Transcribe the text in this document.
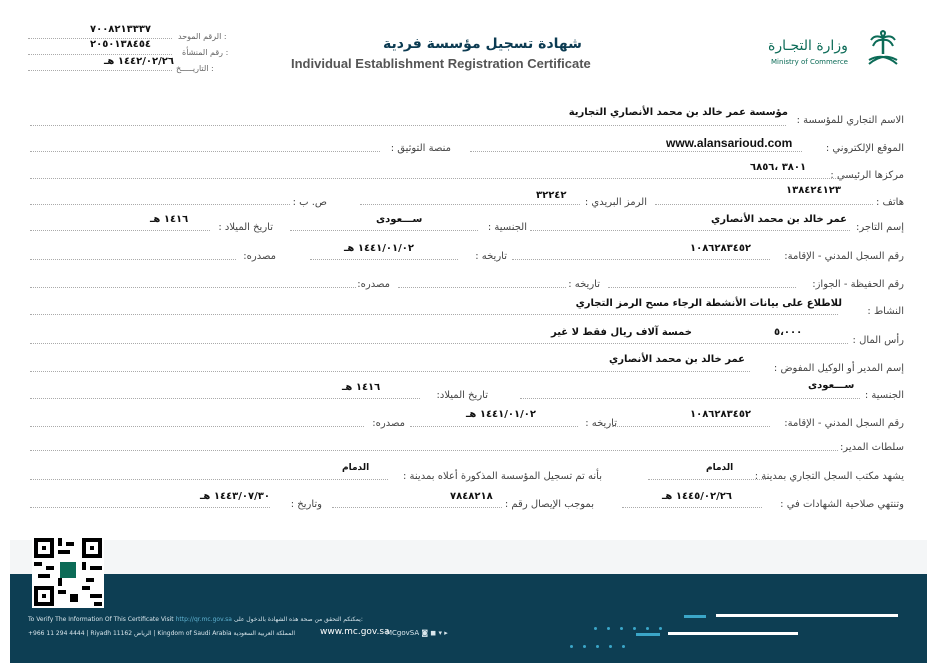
وزارة التجـارة
Ministry of Commerce
شهادة تسجيل مؤسسة فردية
Individual Establishment Registration Certificate
٧٠٠٨٢١٣٣٣٧
الرقم الموحد :
٢٠٥٠١٣٨٤٥٤
رقم المنشأة :
١٤٤٢/٠٢/٢٦ هـ
التاريـــــخ :
الاسم التجاري للمؤسسة :
مؤسسة عمر خالد بن محمد الأنصاري التجارية
الموقع الإلكتروني :
www.alansarioud.com
منصة التوثيق :
مركزها الرئيسي :
٣٨٠١ ،٦٨٥٦
هاتف :
١٣٨٤٢٤١٢٣
الرمز البريدي :
٣٢٢٤٢
ص. ب :
إسم التاجر:
عمر خالد بن محمد الأنصاري
الجنسية :
ســـعودى
تاريخ الميلاد :
١٤١٦ هـ
رقم السجل المدني - الإقامة:
١٠٨٦٢٨٣٤٥٢
تاريخه :
١٤٤١/٠١/٠٢ هـ
مصدره:
رقم الحفيظة - الجواز:
تاريخه :
مصدره:
النشاط :
للاطلاع على بيانات الأنشطة الرجاء مسح الرمز التجاري
رأس المال :
٥،٠٠٠
خمسة آلاف ريال فقط لا غير
إسم المدير أو الوكيل المفوض :
عمر خالد بن محمد الأنصاري
الجنسية :
ســـعودى
تاريخ الميلاد:
١٤١٦ هـ
رقم السجل المدني - الإقامة:
١٠٨٦٢٨٣٤٥٢
تاريخه :
١٤٤١/٠١/٠٢ هـ
مصدره:
سلطات المدير:
يشهد مكتب السجل التجاري بمدينة :
الدمام
بأنه تم تسجيل المؤسسة المذكورة أعلاه بمدينة :
الدمام
وتنتهي صلاحية الشهادات في :
١٤٤٥/٠٢/٢٦ هـ
بموجب الإيصال رقم :
٧٨٤٨٢١٨
وتاريخ :
١٤٤٣/٠٧/٣٠ هـ
To Verify The Information Of This Certificate Visit http://qr.mc.gov.sa يمكنكم التحقق من صحة هذه الشهادة بالدخول على:
+966 11 294 4444 | Riyadh 11162 الرياض | Kingdom of Saudi Arabia المملكة العربية السعودية	www.mc.gov.sa
MCgovSA ◙ ◼ ▾ ▸
